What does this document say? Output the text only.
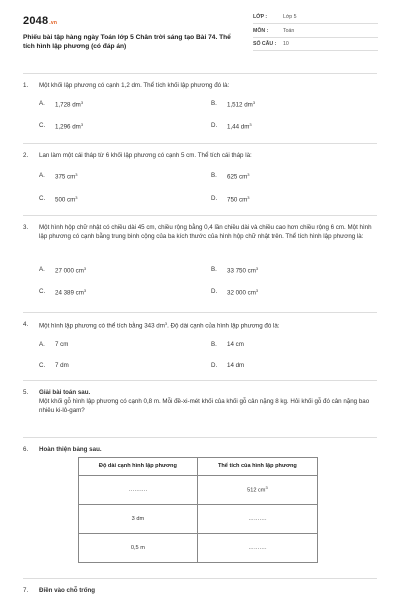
2048.vn
Phiếu bài tập hàng ngày Toán lớp 5 Chân trời sáng tạo Bài 74. Thể tích hình lập phương (có đáp án)
LỚP :	Lớp 5
MÔN :	Toán
SỐ CÂU :	10
1. Một khối lập phương có cạnh 1,2 dm. Thể tích khối lập phương đó là:
A.	1,728 $dm^3$	B.	1,512 $dm^3$
C.	1,296 $dm^3$	D.	1,44 $dm^3$
2. Lan làm một cái tháp từ 6 khối lập phương có cạnh 5 cm. Thể tích cái tháp là:
A.	375 $cm^3$	B.	625 $cm^3$
C.	500 $cm^3$	D.	750 $cm^3$
3. Một hình hộp chữ nhật có chiều dài 45 cm, chiều rộng bằng 0,4 lần chiều dài và chiều cao hơn chiều rộng 6 cm. Một hình lập phương có cạnh bằng trung bình cộng của ba kích thước của hình hộp chữ nhật trên. Thể tích hình lập phương là:
A.	27 000 $cm^3$	B.	33 750 $cm^3$
C.	24 389 $cm^3$	D.	32 000 $cm^3$
4. Một hình lập phương có thể tích bằng 343 $dm^3$. Độ dài cạnh của hình lập phương đó là:
A.	7 cm	B.	14 cm
C.	7 dm	D.	14 dm
5. Giải bài toán sau.
Một khối gỗ hình lập phương có cạnh 0,8 m. Mỗi đề-xi-mét khối của khối gỗ cân nặng 8 kg. Hỏi khối gỗ đó cân nặng bao nhiêu ki-lô-gam?
6. Hoàn thiện bảng sau.
Độ dài cạnh hình lập phương	Thể tích của hình lập phương
……….	512 $cm^3$
3 dm	……….
0,5 m	……….
7. Điền vào chỗ trống
